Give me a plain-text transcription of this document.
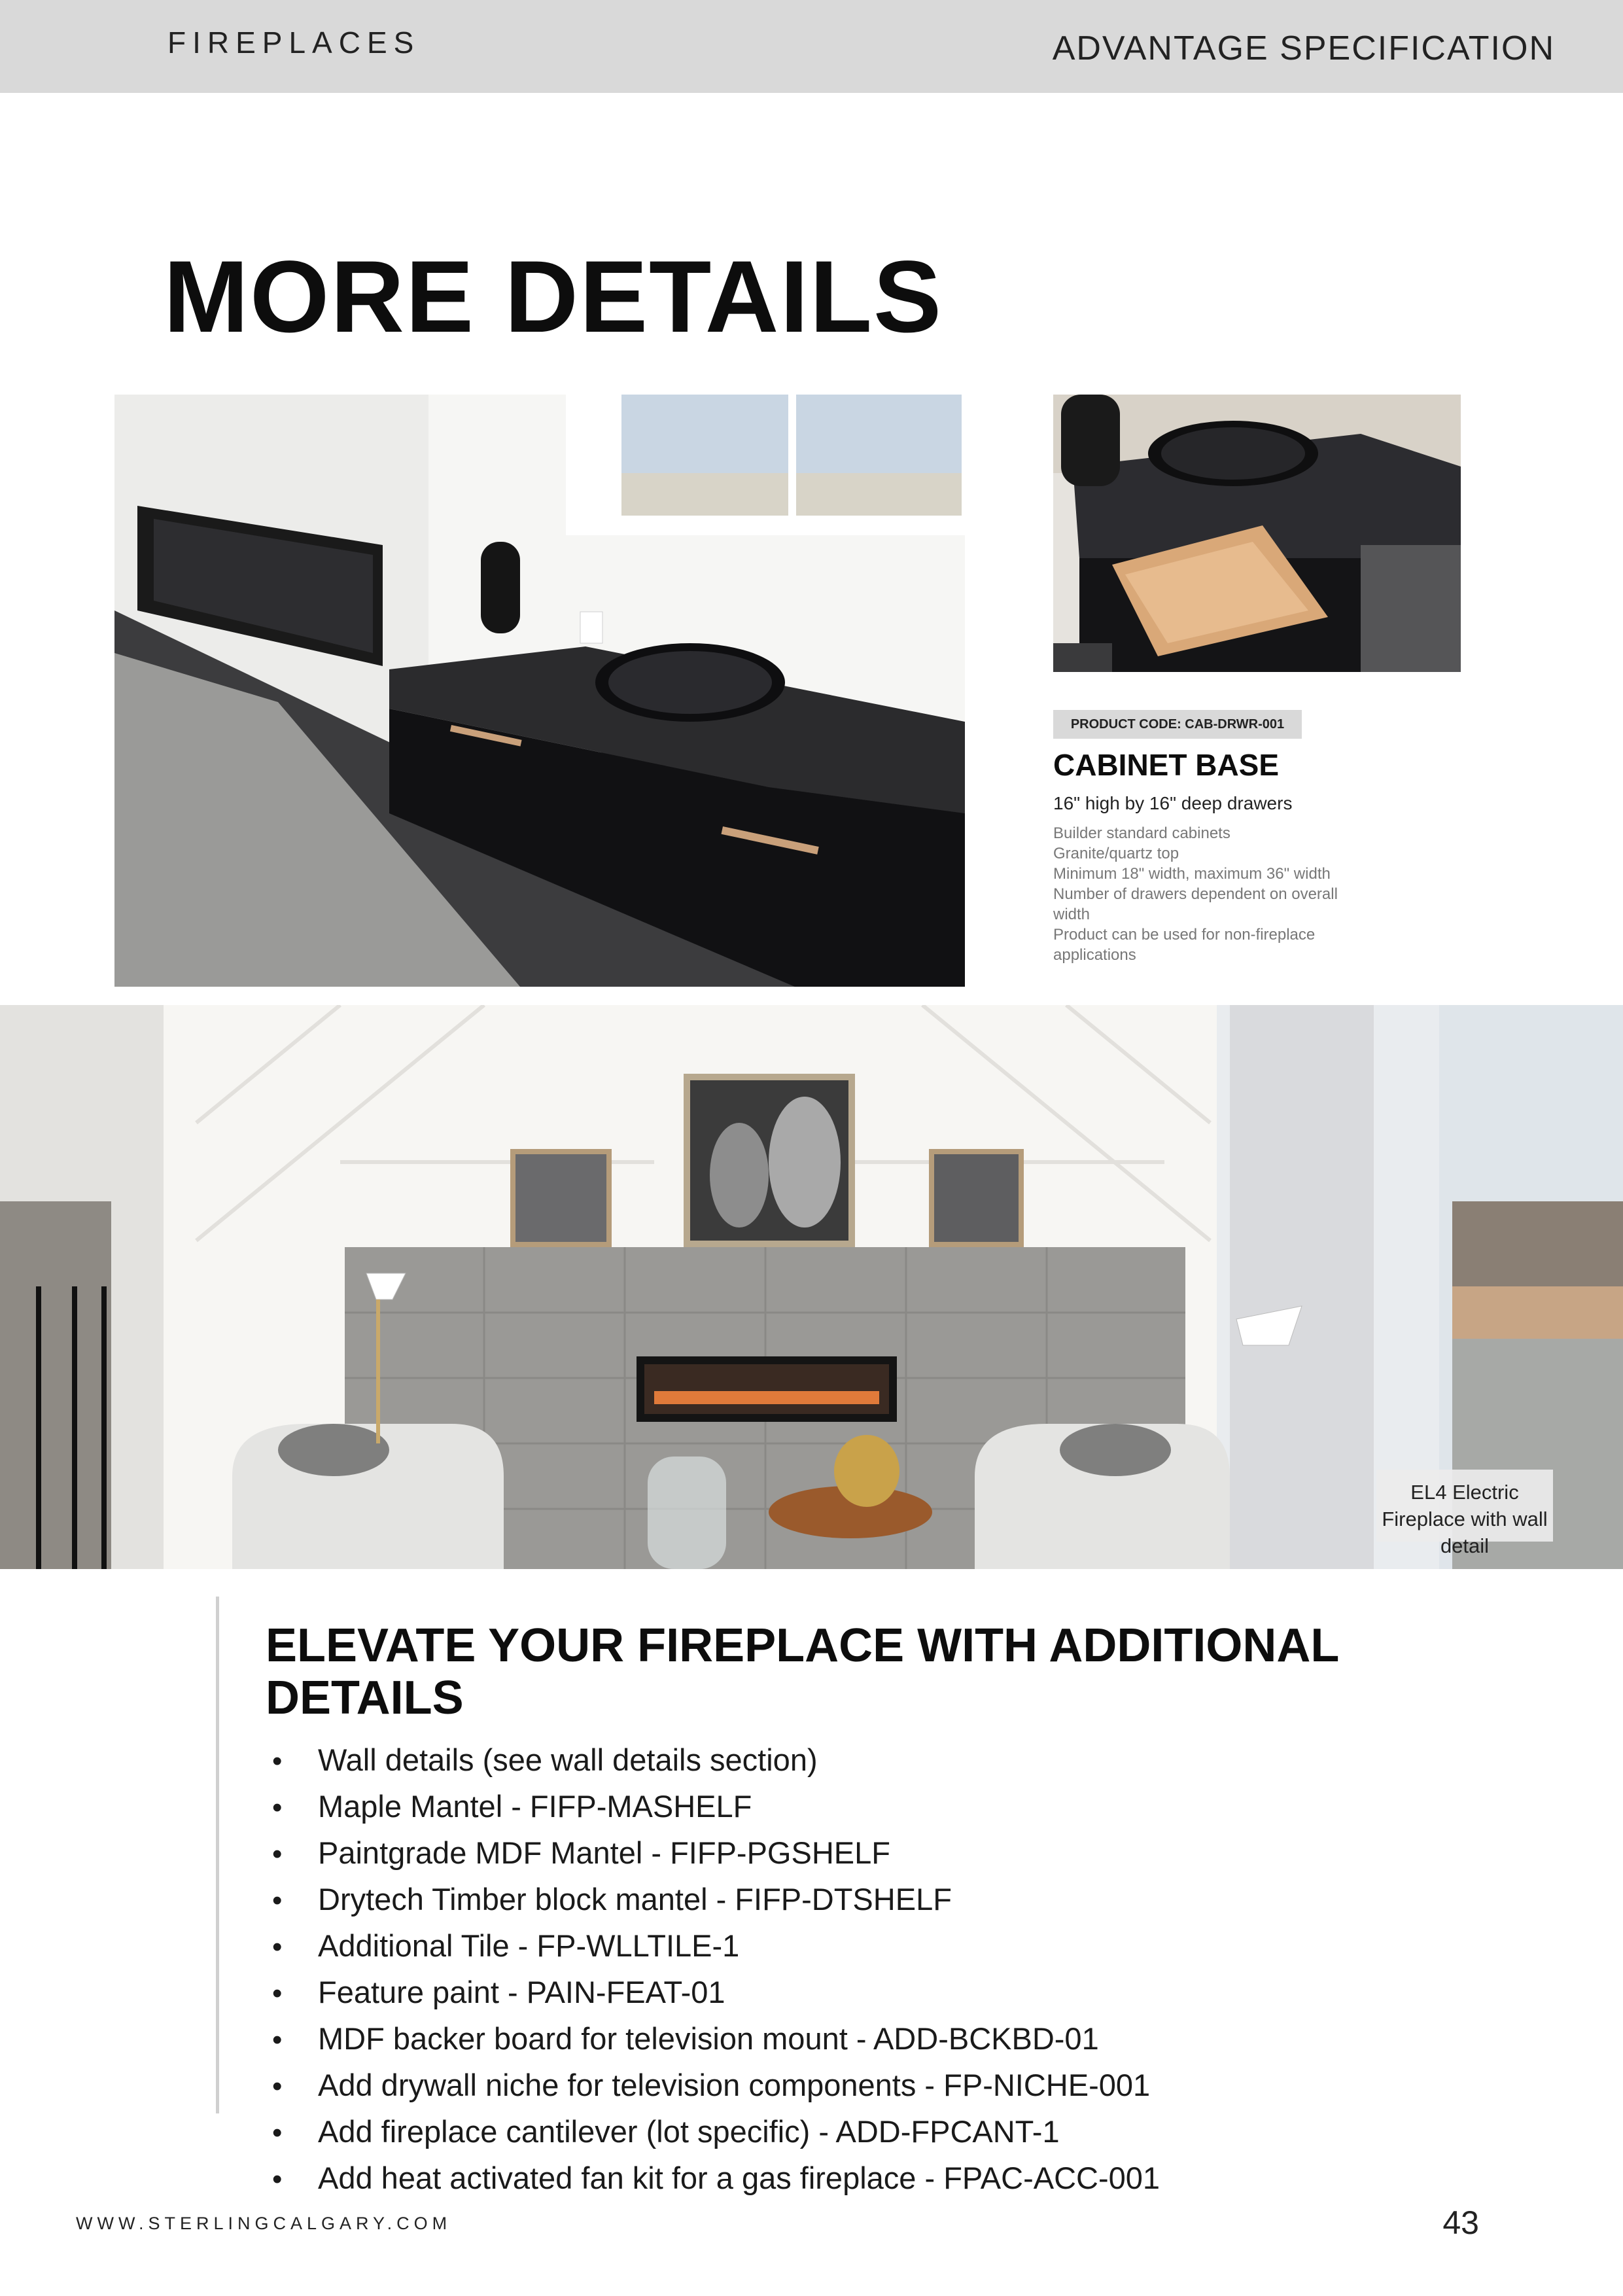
FIREPLACES	ADVANTAGE SPECIFICATION
MORE DETAILS
PRODUCT CODE: CAB-DRWR-001
CABINET BASE
16" high by 16" deep drawers
Builder standard cabinets
Granite/quartz top
Minimum 18" width, maximum 36" width
Number of drawers dependent on overall width
Product can be used for non-fireplace applications
EL4 Electric Fireplace with wall detail
ELEVATE YOUR FIREPLACE WITH ADDITIONAL DETAILS
• Wall details (see wall details section)
• Maple Mantel - FIFP-MASHELF
• Paintgrade MDF Mantel - FIFP-PGSHELF
• Drytech Timber block mantel - FIFP-DTSHELF
• Additional Tile - FP-WLLTILE-1
• Feature paint - PAIN-FEAT-01
• MDF backer board for television mount - ADD-BCKBD-01
• Add drywall niche for television components - FP-NICHE-001
• Add fireplace cantilever (lot specific) - ADD-FPCANT-1
• Add heat activated fan kit for a gas fireplace - FPAC-ACC-001
WWW.STERLINGCALGARY.COM	43
